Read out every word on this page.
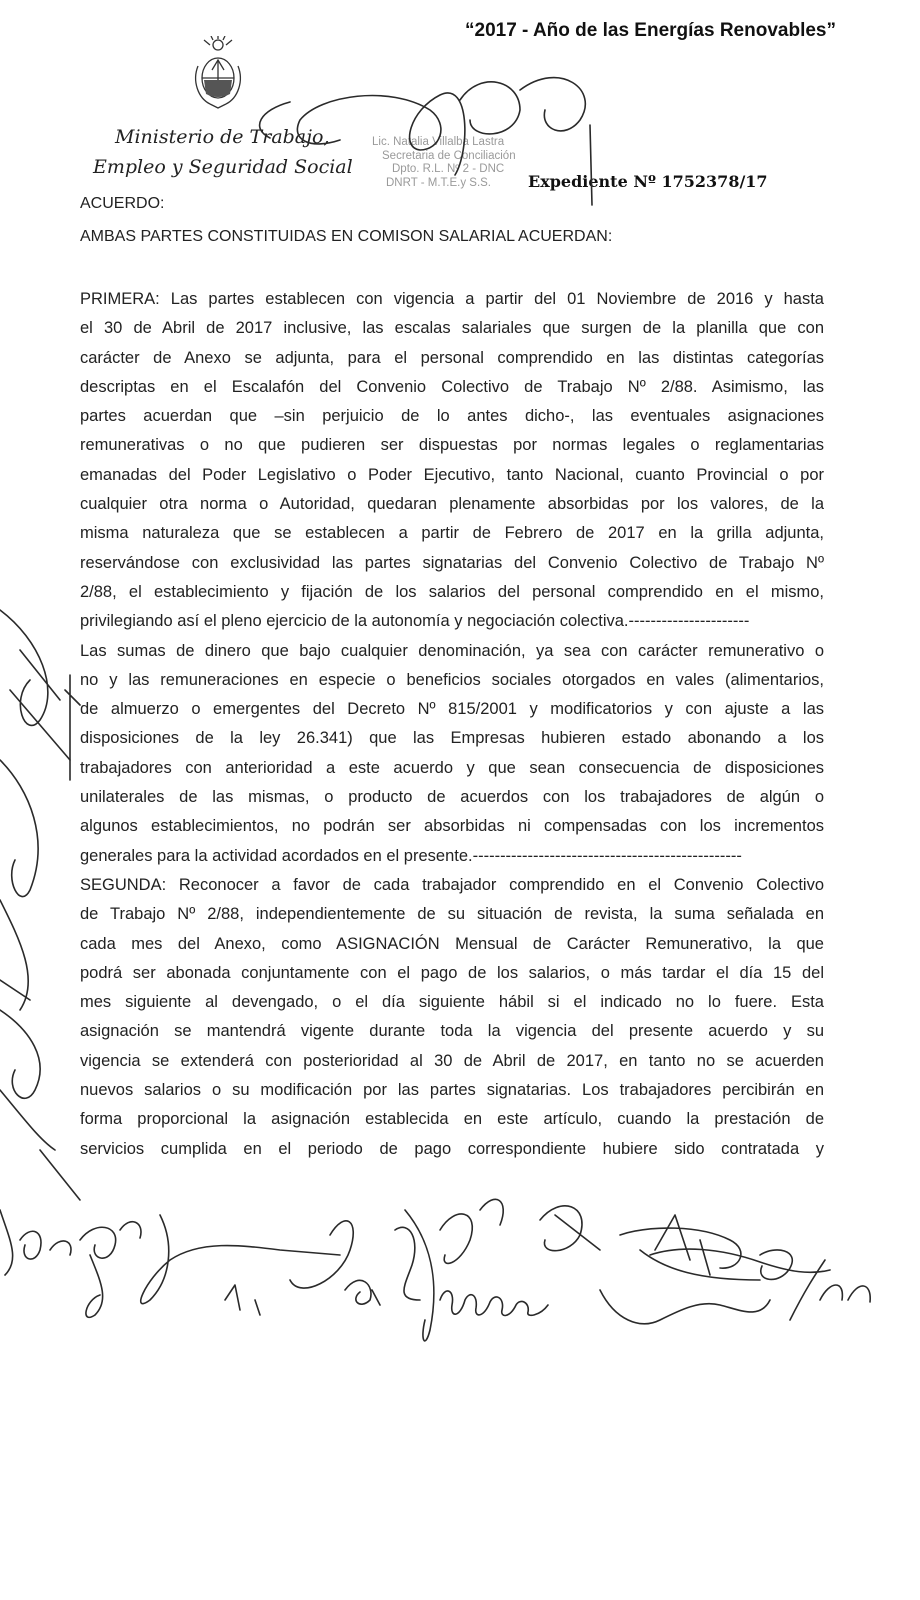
“2017 - Año de las Energías Renovables”
Ministerio de Trabajo,
Empleo y Seguridad Social
Lic. Natalia Villalba Lastra
Secretaria de Conciliación
Dpto. R.L. Nº 2 - DNC
DNRT - M.T.E.y S.S.	Expediente Nº 1752378/17
ACUERDO:
AMBAS PARTES CONSTITUIDAS EN COMISON SALARIAL ACUERDAN:
PRIMERA: Las partes establecen con vigencia a partir del 01 Noviembre de 2016 y hasta
el 30 de Abril de 2017 inclusive, las escalas salariales que surgen de la planilla que con
carácter de Anexo se adjunta, para el personal comprendido en las distintas categorías
descriptas en el Escalafón del Convenio Colectivo de Trabajo Nº 2/88. Asimismo, las
partes acuerdan que –sin perjuicio de lo antes dicho-, las eventuales asignaciones
remunerativas o no que pudieren ser dispuestas por normas legales o reglamentarias
emanadas del Poder Legislativo o Poder Ejecutivo, tanto Nacional, cuanto Provincial o por
cualquier otra norma o Autoridad, quedaran plenamente absorbidas por los valores, de la
misma naturaleza que se establecen a partir de Febrero de 2017 en la grilla adjunta,
reservándose con exclusividad las partes signatarias del Convenio Colectivo de Trabajo Nº
2/88, el establecimiento y fijación de los salarios del personal comprendido en el mismo,
privilegiando así el pleno ejercicio de la autonomía y negociación colectiva.----------------------
Las sumas de dinero que bajo cualquier denominación, ya sea con carácter remunerativo o
no y las remuneraciones en especie o beneficios sociales otorgados en vales (alimentarios,
de almuerzo o emergentes del Decreto Nº 815/2001 y modificatorios y con ajuste a las
disposiciones de la ley 26.341) que las Empresas hubieren estado abonando a los
trabajadores con anterioridad a este acuerdo y que sean consecuencia de disposiciones
unilaterales de las mismas, o producto de acuerdos con los trabajadores de algún o
algunos establecimientos, no podrán ser absorbidas ni compensadas con los incrementos
generales para la actividad acordados en el presente.-------------------------------------------------
SEGUNDA: Reconocer a favor de cada trabajador comprendido en el Convenio Colectivo
de Trabajo Nº 2/88, independientemente de su situación de revista, la suma señalada en
cada mes del Anexo, como ASIGNACIÓN Mensual de Carácter Remunerativo, la que
podrá ser abonada conjuntamente con el pago de los salarios, o más tardar el día 15 del
mes siguiente al devengado, o el día siguiente hábil si el indicado no lo fuere. Esta
asignación se mantendrá vigente durante toda la vigencia del presente acuerdo y su
vigencia se extenderá con posterioridad al 30 de Abril de 2017, en tanto no se acuerden
nuevos salarios o su modificación por las partes signatarias. Los trabajadores percibirán en
forma proporcional la asignación establecida en este artículo, cuando la prestación de
servicios cumplida en el periodo de pago correspondiente hubiere sido contratada y
